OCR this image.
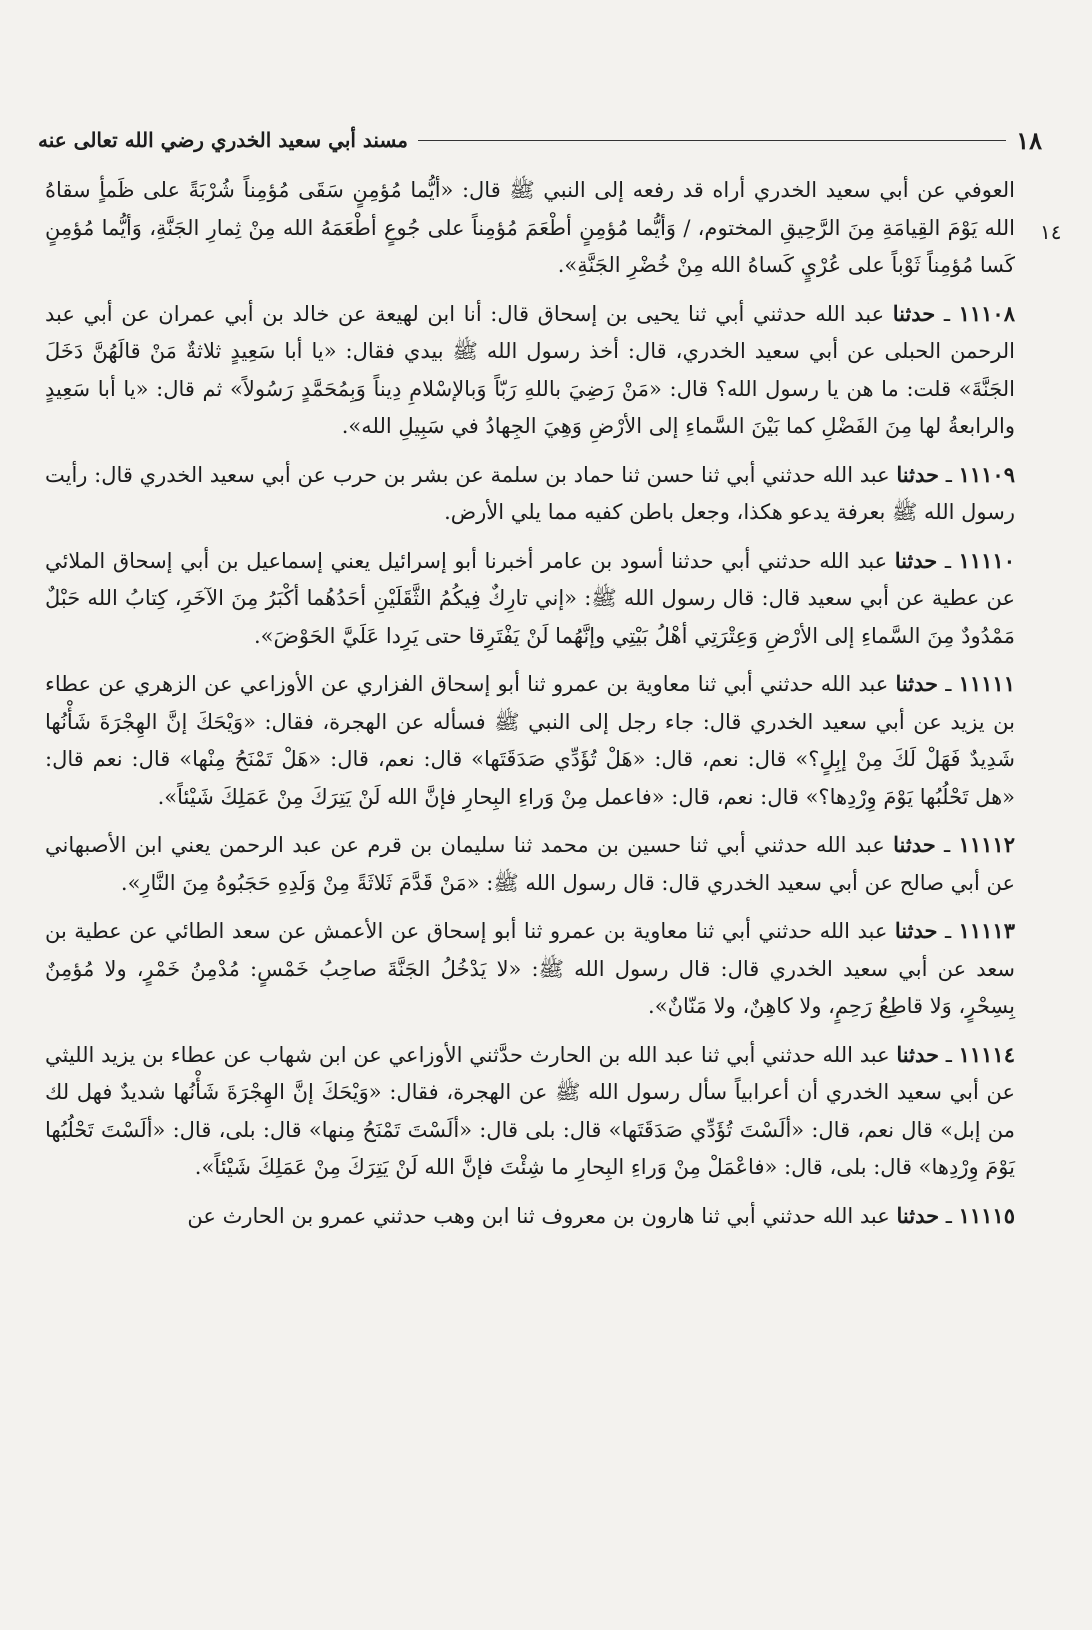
١٨
مسند أبي سعيد الخدري رضي الله تعالى عنه
١٤

العوفي عن أبي سعيد الخدري أراه قد رفعه إلى النبي ﷺ قال: «أيُّما مُؤمِنٍ سَقَى مُؤمِناً شُرْبَةً على ظَمأٍ سقاهُ الله يَوْمَ القِيامَةِ مِنَ الرَّحِيقِ المختوم، / وَأيُّما مُؤمِنٍ أطْعَمَ مُؤمِناً على جُوعٍ أطْعَمَهُ الله مِنْ ثِمارِ الجَنَّةِ، وَأيُّما مُؤمِنٍ كَسا مُؤمِناً ثَوْباً على عُرْيٍ كَساهُ الله مِنْ خُضْرِ الجَنَّةِ».

١١١٠٨ ـ حدثنا عبد الله حدثني أبي ثنا يحيى بن إسحاق قال: أنا ابن لهيعة عن خالد بن أبي عمران عن أبي عبد الرحمن الحبلى عن أبي سعيد الخدري، قال: أخذ رسول الله ﷺ بيدي فقال: «يا أبا سَعِيدٍ ثلاثةٌ مَنْ قالَهُنَّ دَخَلَ الجَنَّةَ» قلت: ما هن يا رسول الله؟ قال: «مَنْ رَضِيَ باللهِ رَبّاً وَبالإسْلامِ دِيناً وَبِمُحَمَّدٍ رَسُولاً» ثم قال: «يا أبا سَعِيدٍ والرابعةُ لها مِنَ الفَضْلِ كما بَيْنَ السَّماءِ إلى الأرْضِ وَهِيَ الجِهادُ في سَبِيلِ الله».

١١١٠٩ ـ حدثنا عبد الله حدثني أبي ثنا حسن ثنا حماد بن سلمة عن بشر بن حرب عن أبي سعيد الخدري قال: رأيت رسول الله ﷺ بعرفة يدعو هكذا، وجعل باطن كفيه مما يلي الأرض.

١١١١٠ ـ حدثنا عبد الله حدثني أبي حدثنا أسود بن عامر أخبرنا أبو إسرائيل يعني إسماعيل بن أبي إسحاق الملائي عن عطية عن أبي سعيد قال: قال رسول الله ﷺ: «إني تارِكٌ فِيكُمُ الثَّقَلَيْنِ أحَدُهُما أكْبَرُ مِنَ الآخَرِ، كِتابُ الله حَبْلٌ مَمْدُودٌ مِنَ السَّماءِ إلى الأرْضِ وَعِتْرَتِي أهْلُ بَيْتِي وإنَّهُما لَنْ يَفْتَرِقا حتى يَرِدا عَلَيَّ الحَوْضَ».

١١١١١ ـ حدثنا عبد الله حدثني أبي ثنا معاوية بن عمرو ثنا أبو إسحاق الفزاري عن الأوزاعي عن الزهري عن عطاء بن يزيد عن أبي سعيد الخدري قال: جاء رجل إلى النبي ﷺ فسأله عن الهجرة، فقال: «وَيْحَكَ إنَّ الهِجْرَةَ شَأْنُها شَدِيدٌ فَهَلْ لَكَ مِنْ إبِلٍ؟» قال: نعم، قال: «هَلْ تُؤَدِّي صَدَقَتَها» قال: نعم، قال: «هَلْ تَمْنَحُ مِنْها» قال: نعم قال: «هل تَحْلُبُها يَوْمَ وِرْدِها؟» قال: نعم، قال: «فاعمل مِنْ وَراءِ البِحارِ فإنَّ الله لَنْ يَتِرَكَ مِنْ عَمَلِكَ شَيْئاً».

١١١١٢ ـ حدثنا عبد الله حدثني أبي ثنا حسين بن محمد ثنا سليمان بن قرم عن عبد الرحمن يعني ابن الأصبهاني عن أبي صالح عن أبي سعيد الخدري قال: قال رسول الله ﷺ: «مَنْ قَدَّمَ ثَلاثَةً مِنْ وَلَدِهِ حَجَبُوهُ مِنَ النَّارِ».

١١١١٣ ـ حدثنا عبد الله حدثني أبي ثنا معاوية بن عمرو ثنا أبو إسحاق عن الأعمش عن سعد الطائي عن عطية بن سعد عن أبي سعيد الخدري قال: قال رسول الله ﷺ: «لا يَدْخُلُ الجَنَّةَ صاحِبُ خَمْسٍ: مُدْمِنُ خَمْرٍ، ولا مُؤمِنٌ بِسِحْرٍ، وَلا قاطِعُ رَحِمٍ، ولا كاهِنٌ، ولا مَنّانٌ».

١١١١٤ ـ حدثنا عبد الله حدثني أبي ثنا عبد الله بن الحارث حدَّثني الأوزاعي عن ابن شهاب عن عطاء بن يزيد الليثي عن أبي سعيد الخدري أن أعرابياً سأل رسول الله ﷺ عن الهجرة، فقال: «وَيْحَكَ إنَّ الهِجْرَةَ شَأْنُها شديدٌ فهل لك من إبل» قال نعم، قال: «ألَسْتَ تُؤَدِّي صَدَقَتَها» قال: بلى قال: «ألَسْتَ تَمْنَحُ مِنها» قال: بلى، قال: «ألَسْتَ تَحْلُبُها يَوْمَ وِرْدِها» قال: بلى، قال: «فاعْمَلْ مِنْ وَراءِ البِحارِ ما شِئْتَ فإنَّ الله لَنْ يَتِرَكَ مِنْ عَمَلِكَ شَيْئاً».

١١١١٥ ـ حدثنا عبد الله حدثني أبي ثنا هارون بن معروف ثنا ابن وهب حدثني عمرو بن الحارث عن
